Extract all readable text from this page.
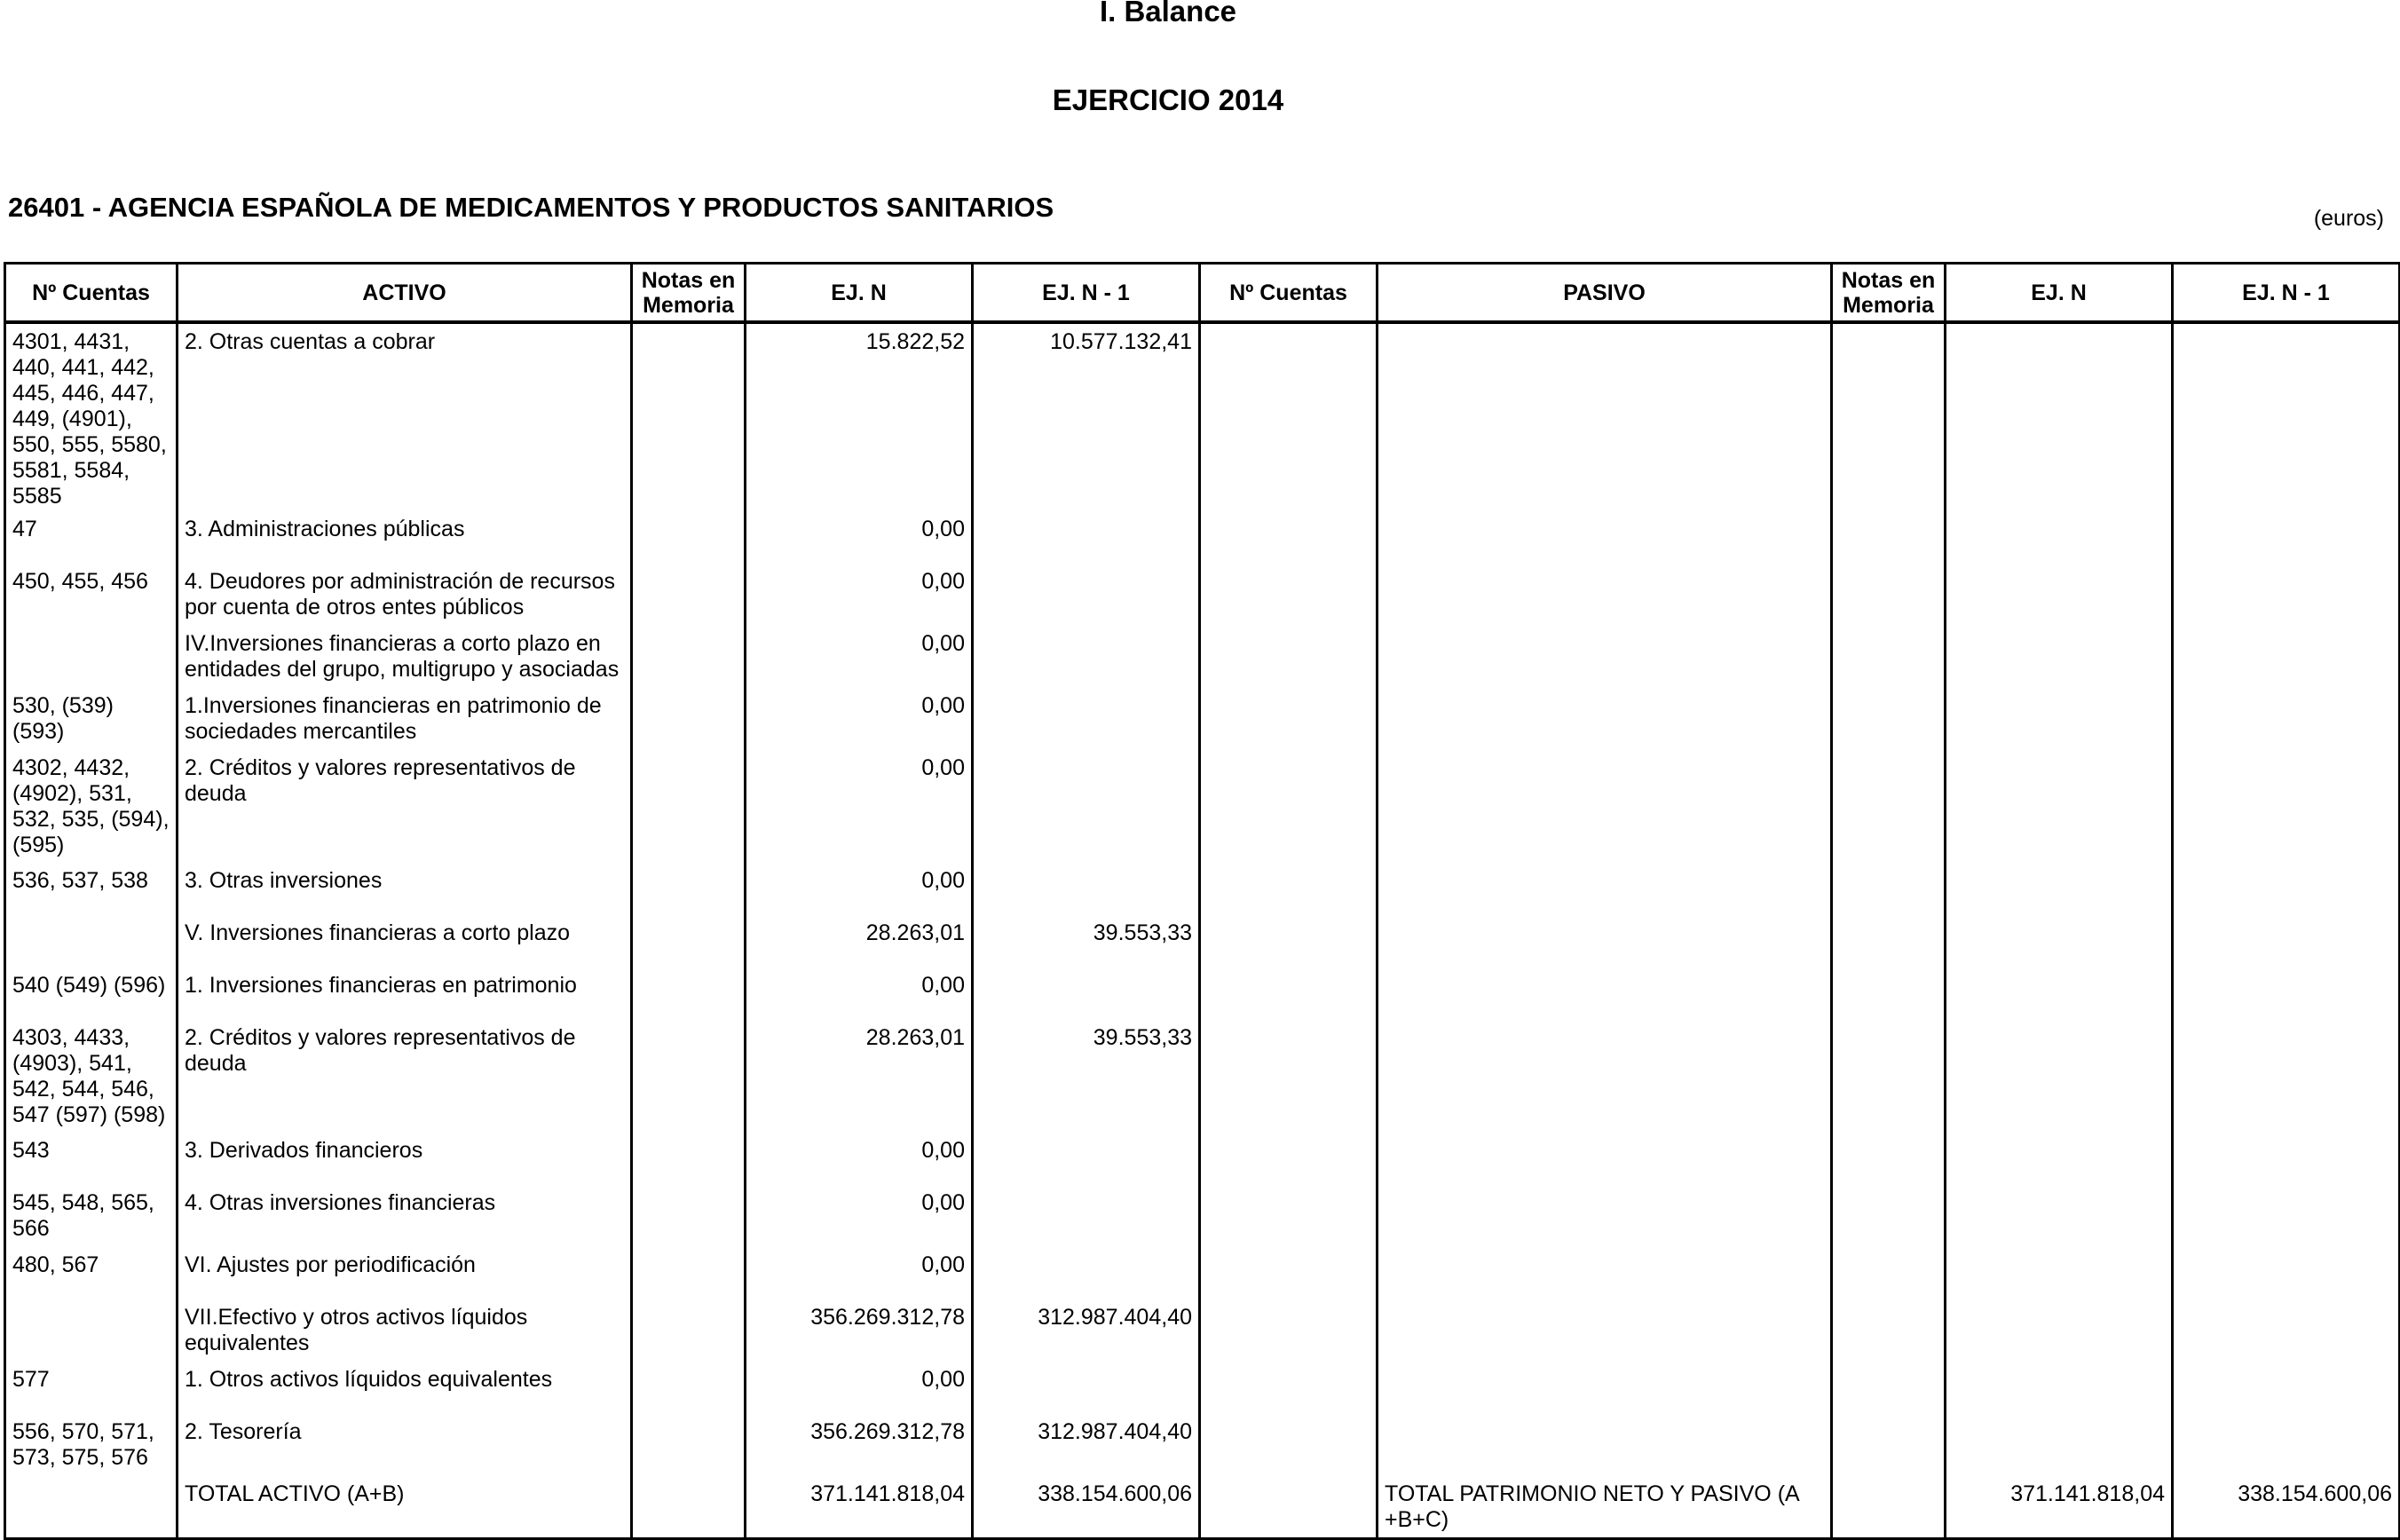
I. Balance
EJERCICIO 2014
26401 - AGENCIA ESPAÑOLA DE MEDICAMENTOS Y PRODUCTOS SANITARIOS	(euros)
Nº Cuentas	ACTIVO	Notas en Memoria	EJ. N	EJ. N - 1	Nº Cuentas	PASIVO	Notas en Memoria	EJ. N	EJ. N - 1
4301, 4431, 440, 441, 442, 445, 446, 447, 449, (4901), 550, 555, 5580, 5581, 5584, 5585	2. Otras cuentas a cobrar		15.822,52	10.577.132,41					
47	3. Administraciones públicas		0,00						
450, 455, 456	4. Deudores por administración de recursos por cuenta de otros entes públicos		0,00						
	IV.Inversiones financieras a corto plazo en entidades del grupo, multigrupo y asociadas		0,00						
530, (539) (593)	1.Inversiones financieras en patrimonio de sociedades mercantiles		0,00						
4302, 4432, (4902), 531, 532, 535, (594), (595)	2. Créditos y valores representativos de deuda		0,00						
536, 537, 538	3. Otras inversiones		0,00						
	V. Inversiones financieras a corto plazo		28.263,01	39.553,33					
540 (549) (596)	1. Inversiones financieras en patrimonio		0,00						
4303, 4433, (4903), 541, 542, 544, 546, 547 (597) (598)	2. Créditos y valores representativos de deuda		28.263,01	39.553,33					
543	3. Derivados financieros		0,00						
545, 548, 565, 566	4. Otras inversiones financieras		0,00						
480, 567	VI. Ajustes por periodificación		0,00						
	VII.Efectivo y otros activos líquidos equivalentes		356.269.312,78	312.987.404,40					
577	1. Otros activos líquidos equivalentes		0,00						
556, 570, 571, 573, 575, 576	2. Tesorería		356.269.312,78	312.987.404,40					
	TOTAL ACTIVO (A+B)		371.141.818,04	338.154.600,06		TOTAL PATRIMONIO NETO Y PASIVO (A +B+C)		371.141.818,04	338.154.600,06
